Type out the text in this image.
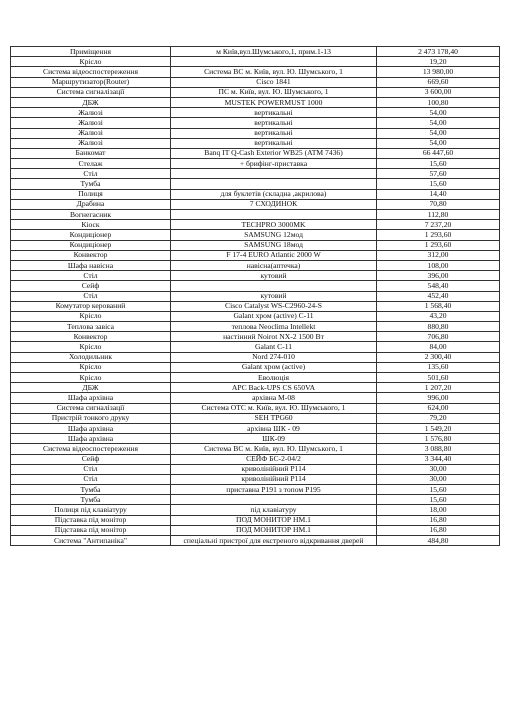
Приміщення	м Київ,вул.Шумського,1, прим.1-13	2 473 178,40
Крісло		19,20
Система відеоспостереження	Система ВС м. Київ, вул. Ю. Шумського, 1	13 980,00
Маршрутизатор(Router)	Cisco 1841	669,60
Система сигналізації	ПС м. Київ, вул. Ю. Шумського, 1	3 600,00
ДБЖ	MUSTEK POWERMUST 1000	100,80
Жалюзі	вертикальні	54,00
Жалюзі	вертикальні	54,00
Жалюзі	вертикальні	54,00
Жалюзі	вертикальні	54,00
Банкомат	Banq IT Q-Cash Exterior WB25 (ATM 7436)	66 447,60
Стелаж	+ брифінг-приставка	15,60
Стіл		57,60
Тумба		15,60
Полиця	для буклетів (складна ,акрилова)	14,40
Драбина	7 СХОДИНОК	70,80
Вогнегасник		112,80
Кіоск	TECHPRO 3000MK	7 237,20
Кондиціонер	SAMSUNG 12мод	1 293,60
Кондиціонер	SAMSUNG 18мод	1 293,60
Конвектор	F 17-4 EURO Atlantic 2000 W	312,00
Шафа навісна	навісна(аптечка)	108,00
Стіл	кутовий	396,00
Сейф		548,40
Стіл	кутовий	452,40
Комутатор керований	Cisco Catalyst WS-C2960-24-S	1 568,40
Крісло	Galant хром (active) C-11	43,20
Теплова завіса	теплова Neoclima Intellekt	880,80
Конвектор	настінний Noirot NX-2 1500 Вт	706,80
Крісло	Galant C-11	84,00
Холодильник	Nord 274-010	2 300,40
Крісло	Galant хром (active)	135,60
Крісло	Еволюція	501,60
ДБЖ	APC Back-UPS CS 650VA	1 207,20
Шафа архівна	архівна М-08	996,00
Система сигналізації	Система ОТС м. Київ, вул. Ю. Шумського, 1	624,00
Пристрій тонкого друку	SEH TPG60	79,20
Шафа архівна	архівна ШК - 09	1 549,20
Шафа архівна	ШК-09	1 576,80
Система відеоспостереження	Система ВС м. Київ, вул. Ю. Шумського, 1	3 088,80
Сейф	СЕЙФ БС-2-04/2	3 344,40
Стіл	криволінійний Р114	30,00
Стіл	криволінійний Р114	30,00
Тумба	приставна Р191 з топом Р195	15,60
Тумба		15,60
Полиця під клавіатуру	під клавіатуру	18,00
Підставка під монітор	ПОД МОНИТОР НМ.1	16,80
Підставка під монітор	ПОД МОНИТОР НМ.1	16,80
Система "Антипаніка"	спеціальні пристрої для екстреного відкривання дверей	484,80
